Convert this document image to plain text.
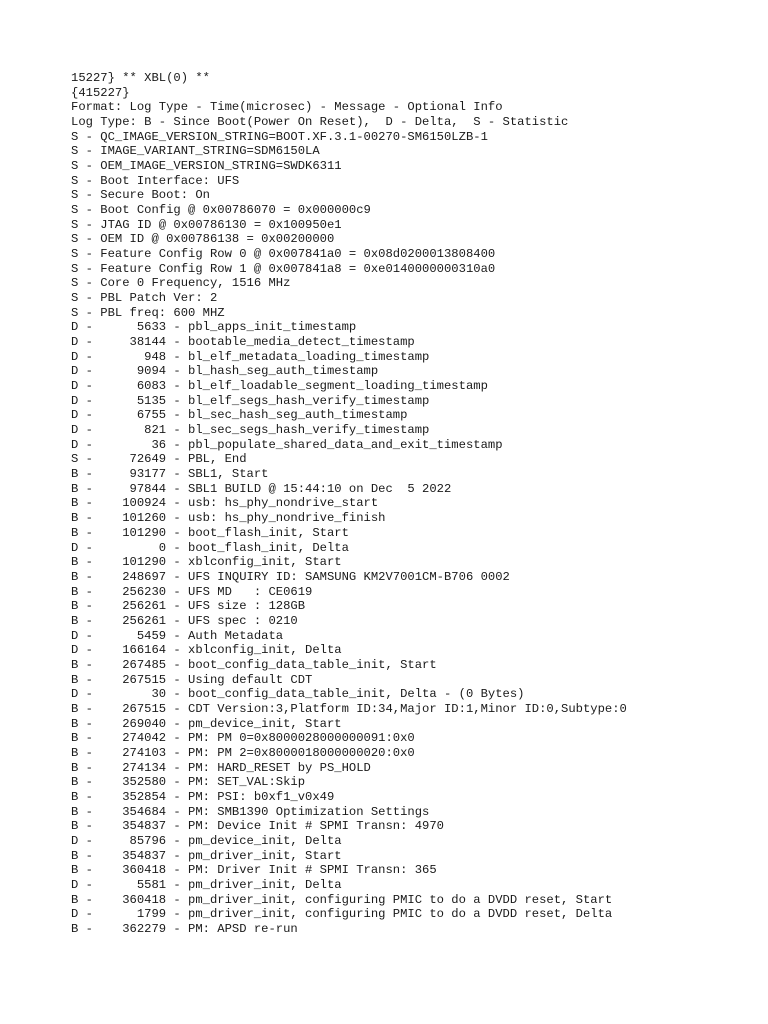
15227} ** XBL(0) **
{415227}
Format: Log Type - Time(microsec) - Message - Optional Info
Log Type: B - Since Boot(Power On Reset),  D - Delta,  S - Statistic
S - QC_IMAGE_VERSION_STRING=BOOT.XF.3.1-00270-SM6150LZB-1
S - IMAGE_VARIANT_STRING=SDM6150LA
S - OEM_IMAGE_VERSION_STRING=SWDK6311
S - Boot Interface: UFS
S - Secure Boot: On
S - Boot Config @ 0x00786070 = 0x000000c9
S - JTAG ID @ 0x00786130 = 0x100950e1
S - OEM ID @ 0x00786138 = 0x00200000
S - Feature Config Row 0 @ 0x007841a0 = 0x08d0200013808400
S - Feature Config Row 1 @ 0x007841a8 = 0xe0140000000310a0
S - Core 0 Frequency, 1516 MHz
S - PBL Patch Ver: 2
S - PBL freq: 600 MHZ
D -      5633 - pbl_apps_init_timestamp
D -     38144 - bootable_media_detect_timestamp
D -       948 - bl_elf_metadata_loading_timestamp
D -      9094 - bl_hash_seg_auth_timestamp
D -      6083 - bl_elf_loadable_segment_loading_timestamp
D -      5135 - bl_elf_segs_hash_verify_timestamp
D -      6755 - bl_sec_hash_seg_auth_timestamp
D -       821 - bl_sec_segs_hash_verify_timestamp
D -        36 - pbl_populate_shared_data_and_exit_timestamp
S -     72649 - PBL, End
B -     93177 - SBL1, Start
B -     97844 - SBL1 BUILD @ 15:44:10 on Dec  5 2022
B -    100924 - usb: hs_phy_nondrive_start
B -    101260 - usb: hs_phy_nondrive_finish
B -    101290 - boot_flash_init, Start
D -         0 - boot_flash_init, Delta
B -    101290 - xblconfig_init, Start
B -    248697 - UFS INQUIRY ID: SAMSUNG KM2V7001CM-B706 0002
B -    256230 - UFS MD   : CE0619
B -    256261 - UFS size : 128GB
B -    256261 - UFS spec : 0210
D -      5459 - Auth Metadata
D -    166164 - xblconfig_init, Delta
B -    267485 - boot_config_data_table_init, Start
B -    267515 - Using default CDT
D -        30 - boot_config_data_table_init, Delta - (0 Bytes)
B -    267515 - CDT Version:3,Platform ID:34,Major ID:1,Minor ID:0,Subtype:0
B -    269040 - pm_device_init, Start
B -    274042 - PM: PM 0=0x8000028000000091:0x0
B -    274103 - PM: PM 2=0x8000018000000020:0x0
B -    274134 - PM: HARD_RESET by PS_HOLD
B -    352580 - PM: SET_VAL:Skip
B -    352854 - PM: PSI: b0xf1_v0x49
B -    354684 - PM: SMB1390 Optimization Settings
B -    354837 - PM: Device Init # SPMI Transn: 4970
D -     85796 - pm_device_init, Delta
B -    354837 - pm_driver_init, Start
B -    360418 - PM: Driver Init # SPMI Transn: 365
D -      5581 - pm_driver_init, Delta
B -    360418 - pm_driver_init, configuring PMIC to do a DVDD reset, Start
D -      1799 - pm_driver_init, configuring PMIC to do a DVDD reset, Delta
B -    362279 - PM: APSD re-run
